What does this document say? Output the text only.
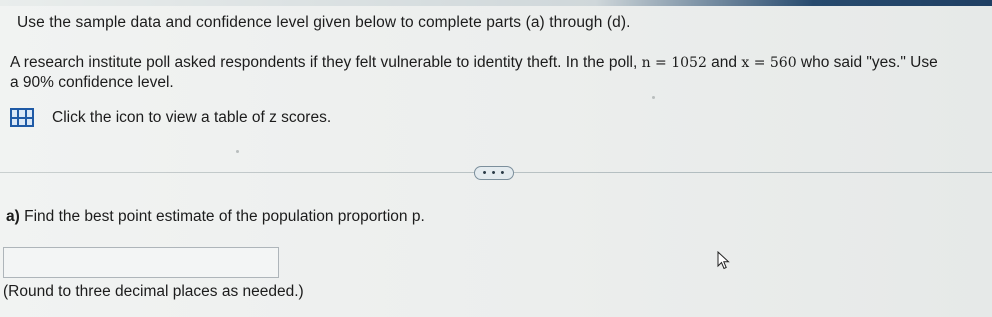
Use the sample data and confidence level given below to complete parts (a) through (d).
A research institute poll asked respondents if they felt vulnerable to identity theft. In the poll, n = 1052 and x = 560 who said "yes." Use
a 90% confidence level.
Click the icon to view a table of z scores.
• • •
a) Find the best point estimate of the population proportion p.
(Round to three decimal places as needed.)
